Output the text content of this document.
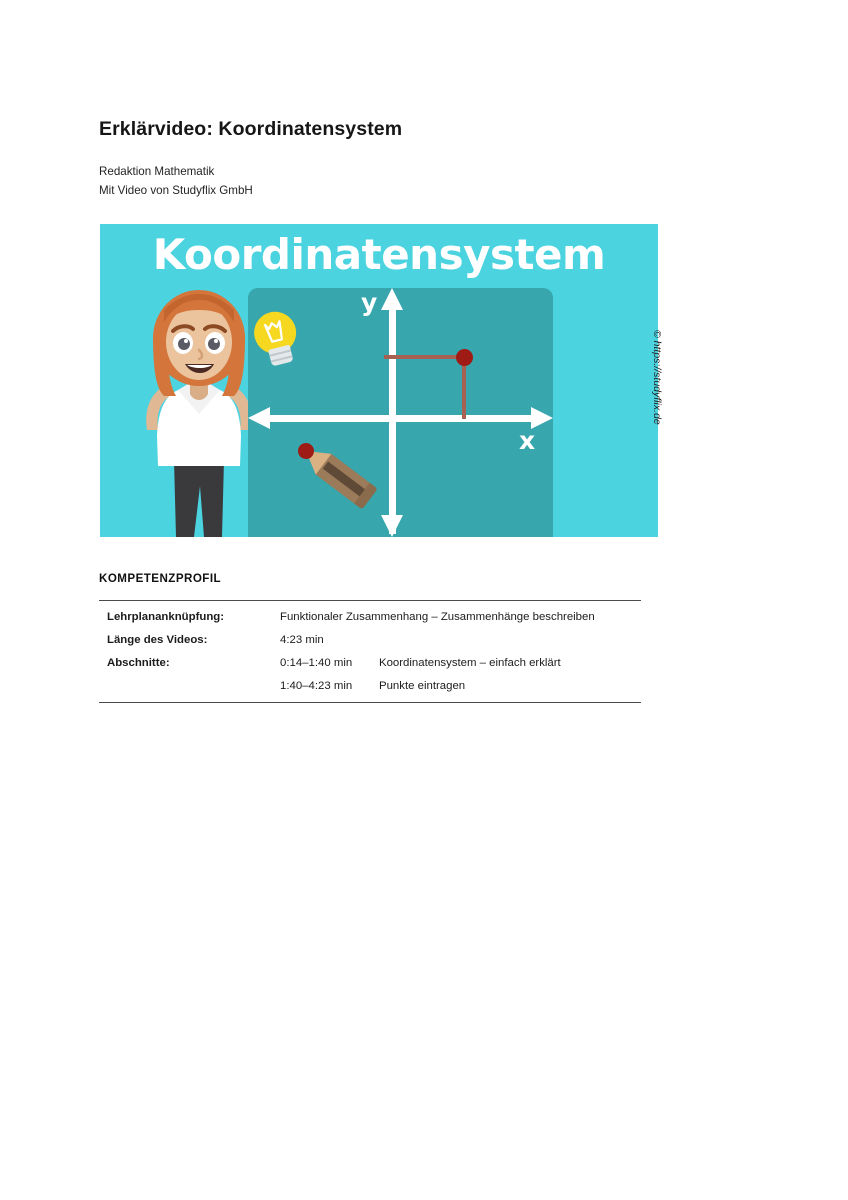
Erklärvideo: Koordinatensystem
Redaktion Mathematik
Mit Video von Studyflix GmbH
Koordinatensystem
y
x
© https://studyflix.de
KOMPETENZPROFIL
Lehrplananknüpfung:	Funktionaler Zusammenhang – Zusammenhänge beschreiben	
Länge des Videos:	4:23 min	
Abschnitte:	0:14–1:40 min	Koordinatensystem – einfach erklärt
	1:40–4:23 min	Punkte eintragen
